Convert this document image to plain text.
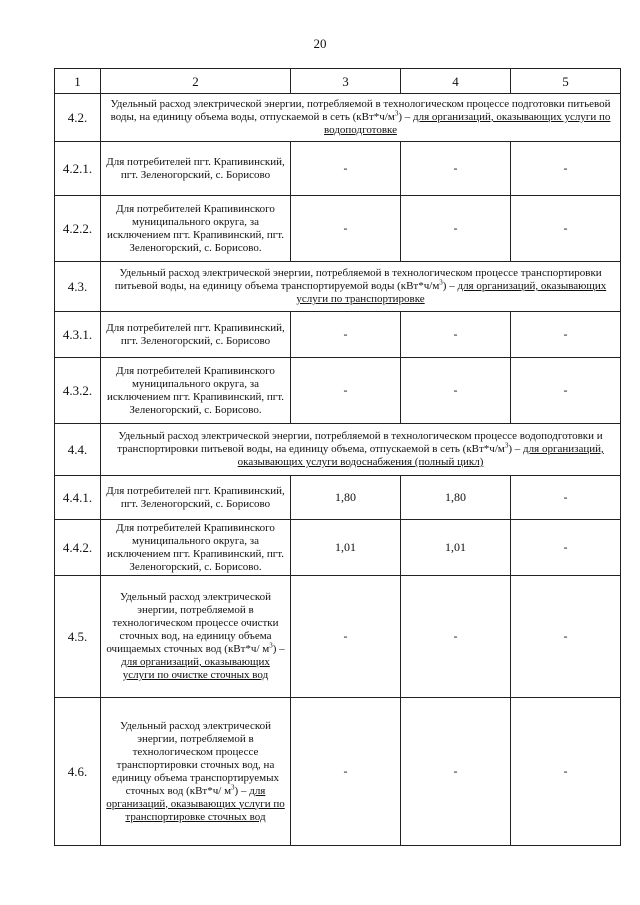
20
1	2	3	4	5
4.2.	Удельный расход электрической энергии, потребляемой в технологическом процессе подготовки питьевой воды, на единицу объема воды, отпускаемой в сеть $(кВт*ч/м^3)$ – для организаций, оказывающих услуги по водоподготовке			
4.2.1.	Для потребителей пгт. Крапивинский, пгт. Зеленогорский, с. Борисово	-	-	-
4.2.2.	Для потребителей Крапивинского муниципального округа, за исключением пгт. Крапивинский, пгт. Зеленогорский, с. Борисово.	-	-	-
4.3.	Удельный расход электрической энергии, потребляемой в технологическом процессе транспортировки питьевой воды, на единицу объема транспортируемой воды $(кВт*ч/м^3)$ – для организаций, оказывающих услуги по транспортировке			
4.3.1.	Для потребителей пгт. Крапивинский, пгт. Зеленогорский, с. Борисово	-	-	-
4.3.2.	Для потребителей Крапивинского муниципального округа, за исключением пгт. Крапивинский, пгт. Зеленогорский, с. Борисово.	-	-	-
4.4.	Удельный расход электрической энергии, потребляемой в технологическом процессе водоподготовки и транспортировки питьевой воды, на единицу объема, отпускаемой в сеть $(кВт*ч/м^3)$ – для организаций, оказывающих услуги водоснабжения (полный цикл)			
4.4.1.	Для потребителей пгт. Крапивинский, пгт. Зеленогорский, с. Борисово	1,80	1,80	-
4.4.2.	Для потребителей Крапивинского муниципального округа, за исключением пгт. Крапивинский, пгт. Зеленогорский, с. Борисово.	1,01	1,01	-
4.5.	Удельный расход электрической энергии, потребляемой в технологическом процессе очистки сточных вод, на единицу объема очищаемых сточных вод (кВт*ч/ $м^3$) – для организаций, оказывающих услуги по очистке сточных вод	-	-	-
4.6.	Удельный расход электрической энергии, потребляемой в технологическом процессе транспортировки сточных вод, на единицу объема транспортируемых сточных вод (кВт*ч/ $м^3$) – для организаций, оказывающих услуги по транспортировке сточных вод	-	-	-
